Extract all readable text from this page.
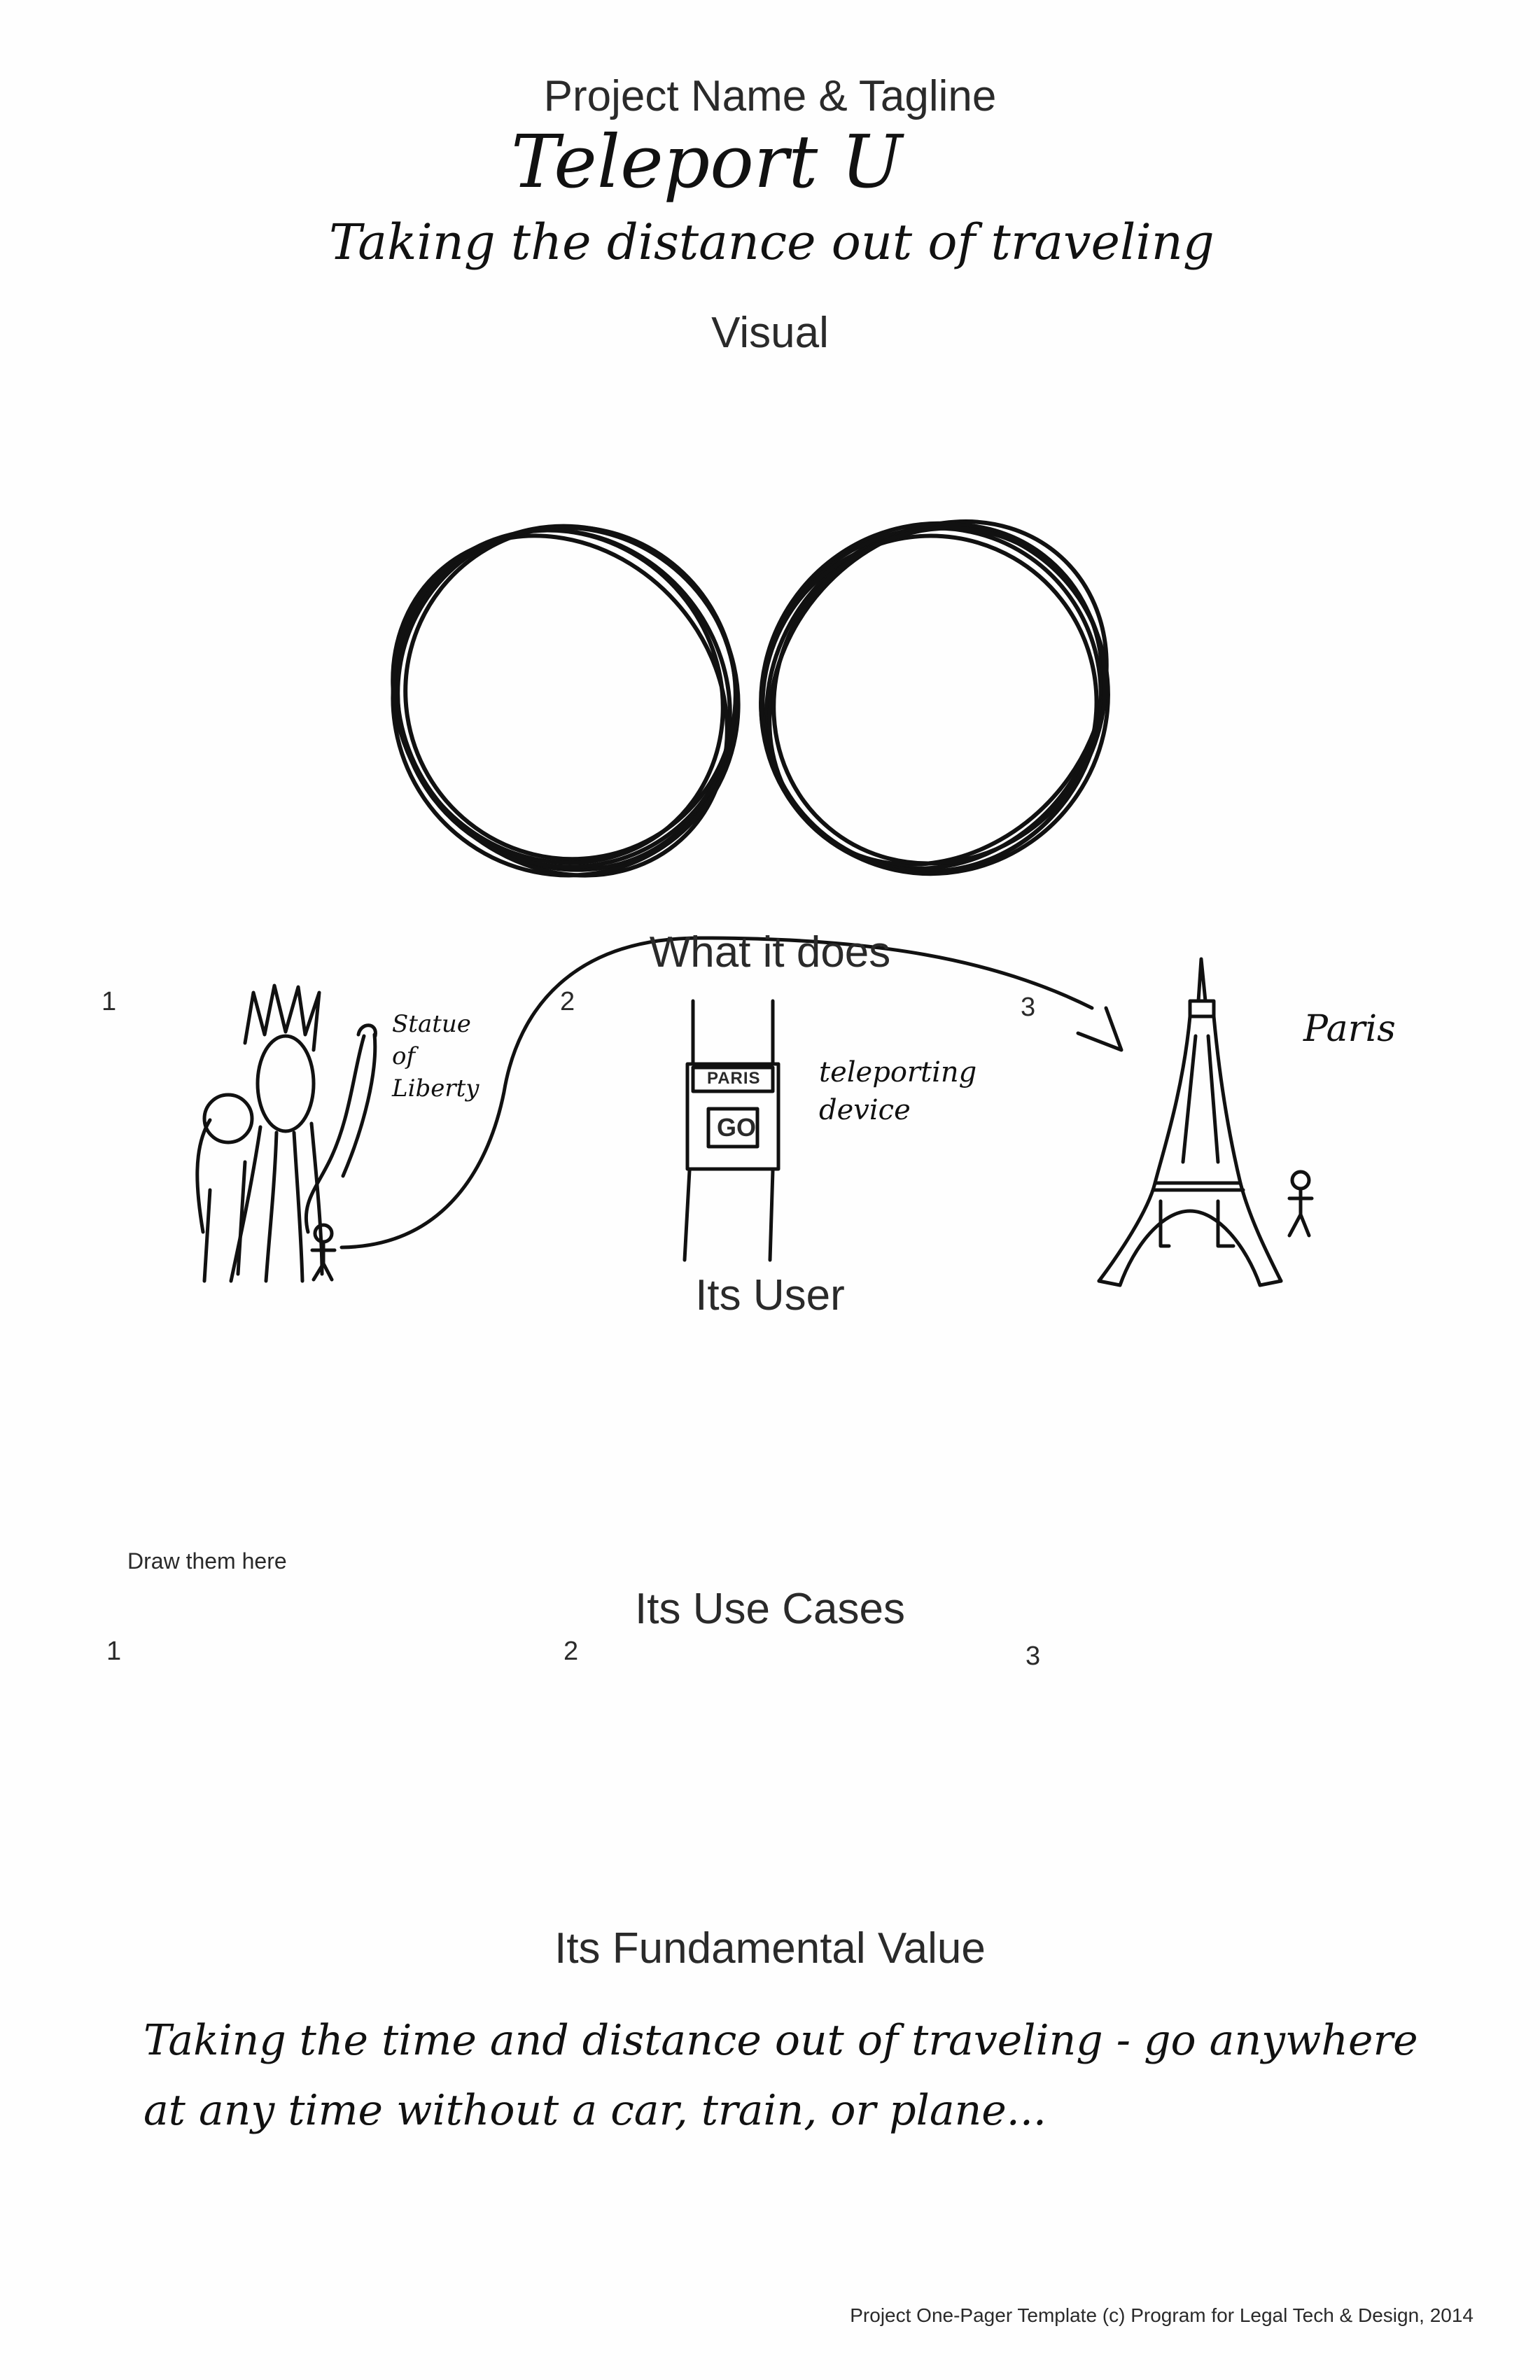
Project Name & Tagline
Teleport U
Taking the distance out of traveling
Visual
PARIS
GO
What it does
1	2	3
Statue of Liberty	teleporting device
Paris
Its User
Draw them here
Its Use Cases
1	2	3
Its Fundamental Value
Taking the time and distance out of traveling - go anywhere
at any time without a car, train, or plane...
Project One-Pager Template (c) Program for Legal Tech & Design, 2014
